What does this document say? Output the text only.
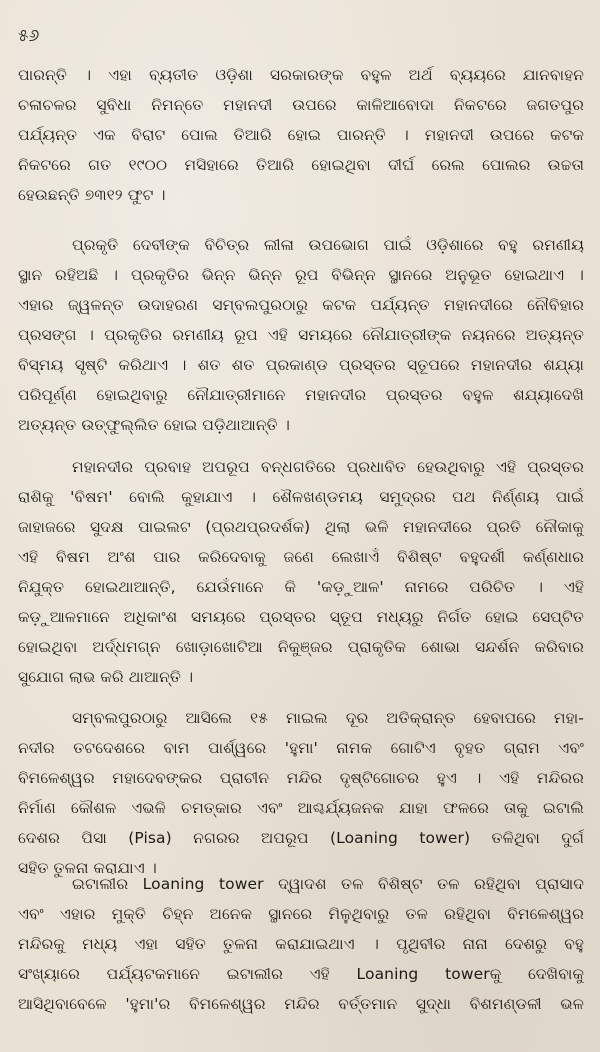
୫୬
ପାରନ୍ତି । ଏହା ବ୍ୟତୀତ ଓଡ଼ିଶା ସରକାରଙ୍କ ବହୁଳ ଅର୍ଥ ବ୍ୟୟରେ ଯାନବାହନ
ଚଳାଚଳର ସୁବିଧା ନିମନ୍ତେ ମହାନଦୀ ଉପରେ କାଳିଆବୋଦା ନିକଟରେ ଜଗତପୁର
ପର୍ଯ୍ୟନ୍ତ ଏକ ବିରାଟ ପୋଲ ତିଆରି ହୋଇ ପାରନ୍ତି । ମହାନଦୀ ଉପରେ କଟକ
ନିକଟରେ ଗତ ୧୯୦୦ ମସିହାରେ ତିଆରି ହୋଇଥିବା ଦୀର୍ଘ ରେଲ ପୋଲର ଉଚ୍ଚତା
ହେଉଛନ୍ତି ୭୩୧୨ ଫୁଟ ।
ପ୍ରକୃତି ଦେବୀଙ୍କ ବିଚିତ୍ର ଲୀଳା ଉପଭୋଗ ପାଇଁ ଓଡ଼ିଶାରେ ବହୁ ରମଣୀୟ
ସ୍ଥାନ ରହିଅଛି । ପ୍ରକୃତିର ଭିନ୍ନ ଭିନ୍ନ ରୂପ ବିଭିନ୍ନ ସ୍ଥାନରେ ଅନୁଭୂତ ହୋଇଥାଏ ।
ଏହାର ଜ୍ୱଳନ୍ତ ଉଦାହରଣ ସମ୍ବଲପୁରଠାରୁ କଟକ ପର୍ଯ୍ୟନ୍ତ ମହାନଦୀରେ ନୌବିହାର
ପ୍ରସଙ୍ଗ । ପ୍ରକୃତିର ରମଣୀୟ ରୂପ ଏହି ସମୟରେ ନୌଯାତ୍ରୀଙ୍କ ନୟନରେ ଅତ୍ୟନ୍ତ
ବିସ୍ମୟ ସୃଷ୍ଟି କରିଥାଏ । ଶତ ଶତ ପ୍ରକାଣ୍ଡ ପ୍ରସ୍ତର ସ୍ତୂପରେ ମହାନଦୀର ଶଯ୍ୟା
ପରିପୂର୍ଣ୍ଣ ହୋଇଥିବାରୁ ନୌଯାତ୍ରୀମାନେ ମହାନଦୀର ପ୍ରସ୍ତର ବହୁଳ ଶଯ୍ୟାଦେଖି
ଅତ୍ୟନ୍ତ ଉତ୍ଫୁଲ୍ଲିତ ହୋଇ ପଡ଼ିଥାଆନ୍ତି ।
ମହାନଦୀର ପ୍ରବାହ ଅପରୂପ ବନ୍ଧଗତିରେ ପ୍ରଧାବିତ ହେଉଥିବାରୁ ଏହି ପ୍ରସ୍ତର
ରାଶିକୁ 'ବିଷମ' ବୋଲି କୁହାଯାଏ । ଶୈଳଖଣ୍ଡମୟ ସମୁଦ୍ରର ପଥ ନିର୍ଣ୍ଣୟ ପାଇଁ
ଜାହାଜରେ ସୁଦକ୍ଷ ପାଇଲଟ (ପ୍ରଥପ୍ରଦର୍ଶକ) ଥିଲା ଭଳି ମହାନଦୀରେ ପ୍ରତି ନୌକାକୁ
ଏହି ବିଷମ ଅଂଶ ପାର କରିଦେବାକୁ ଜଣେ ଲେଖାଏଁ ବିଶିଷ୍ଟ ବହୁଦର୍ଶୀ କର୍ଣ୍ଣଧାର
ନିଯୁକ୍ତ ହୋଇଥାଆନ୍ତି, ଯେଉଁମାନେ କି 'କଡ଼ୁଆଳ' ନାମରେ ପରିଚିତ । ଏହି
କଡ଼ୁଆଳମାନେ ଅଧିକାଂଶ ସମୟରେ ପ୍ରସ୍ତର ସ୍ତୂପ ମଧ୍ୟରୁ ନିର୍ଗତ ହୋଇ ସେପ୍ଟିତ
ହୋଇଥିବା ଅର୍ଦ୍ଧମଗ୍ନ ଖୋଡ଼ାଖୋଟିଆ ନିକୁଞ୍ଜର ପ୍ରାକୃତିକ ଶୋଭା ସନ୍ଦର୍ଶନ କରିବାର
ସୁଯୋଗ ଲାଭ କରି ଥାଆନ୍ତି ।
ସମ୍ବଲପୁରଠାରୁ ଆସିଲେ ୧୫ ମାଇଲ ଦୂର ଅତିକ୍ରାନ୍ତ ହେବାପରେ ମହା-
ନଦୀର ତଟଦେଶରେ ବାମ ପାର୍ଶ୍ୱରେ 'ହୁମା' ନାମକ ଗୋଟିଏ ବୃହତ ଗ୍ରାମ ଏବଂ
ବିମଳେଶ୍ୱର ମହାଦେବଙ୍କର ପ୍ରାଚୀନ ମନ୍ଦିର ଦୃଷ୍ଟିଗୋଚର ହୁଏ । ଏହି ମନ୍ଦିରର
ନିର୍ମାଣ କୌଶଳ ଏଭଳି ଚମତ୍କାର ଏବଂ ଆଶ୍ଚର୍ଯ୍ୟଜନକ ଯାହା ଫଳରେ ତାକୁ ଇଟାଲି
ଦେଶର ପିସା (Pisa) ନଗରର ଅପରୂପ (Loaning tower) ତଳିଥିବା ଦୁର୍ଗ
ସହିତ ତୁଳନା କରାଯାଏ ।
ଇଟାଲୀର Loaning tower ଦ୍ୱାଦଶ ତଳ ବିଶିଷ୍ଟ ତଳ ରହିଥିବା ପ୍ରାସାଦ
ଏବଂ ଏହାର ମୁକ୍ତି ଚିହ୍ନ ଅନେକ ସ୍ଥାନରେ ମିଳୁଥିବାରୁ ତଳ ରହିଥିବା ବିମଳେଶ୍ୱର
ମନ୍ଦିରକୁ ମଧ୍ୟ ଏହା ସହିତ ତୁଳନା କରାଯାଇଥାଏ । ପୃଥିବୀର ନାନା ଦେଶରୁ ବହୁ
ସଂଖ୍ୟାରେ ପର୍ଯ୍ୟଟକମାନେ ଇଟାଲୀର ଏହି Loaning towerକୁ ଦେଖିବାକୁ
ଆସିଥିବାବେଳେ 'ହୁମା'ର ବିମଳେଶ୍ୱର ମନ୍ଦିର ବର୍ତ୍ତମାନ ସୁଦ୍ଧା ବିଶମଣ୍ଡଳୀ ଭଳ
